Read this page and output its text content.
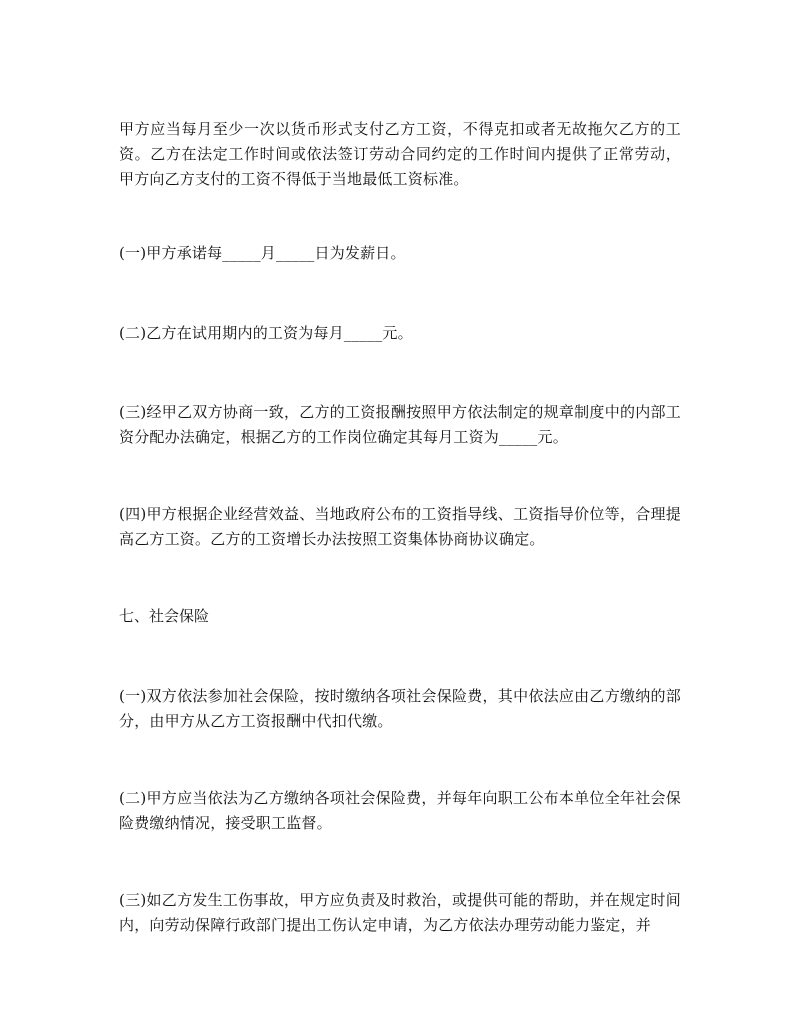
甲方应当每月至少一次以货币形式支付乙方工资，不得克扣或者无故拖欠乙方的工资。乙方在法定工作时间或依法签订劳动合同约定的工作时间内提供了正常劳动，甲方向乙方支付的工资不得低于当地最低工资标准。

(一)甲方承诺每_____月_____日为发薪日。

(二)乙方在试用期内的工资为每月_____元。

(三)经甲乙双方协商一致，乙方的工资报酬按照甲方依法制定的规章制度中的内部工资分配办法确定，根据乙方的工作岗位确定其每月工资为_____元。

(四)甲方根据企业经营效益、当地政府公布的工资指导线、工资指导价位等，合理提高乙方工资。乙方的工资增长办法按照工资集体协商协议确定。

七、社会保险

(一)双方依法参加社会保险，按时缴纳各项社会保险费，其中依法应由乙方缴纳的部分，由甲方从乙方工资报酬中代扣代缴。

(二)甲方应当依法为乙方缴纳各项社会保险费，并每年向职工公布本单位全年社会保险费缴纳情况，接受职工监督。

(三)如乙方发生工伤事故，甲方应负责及时救治，或提供可能的帮助，并在规定时间内，向劳动保障行政部门提出工伤认定申请，为乙方依法办理劳动能力鉴定，并
